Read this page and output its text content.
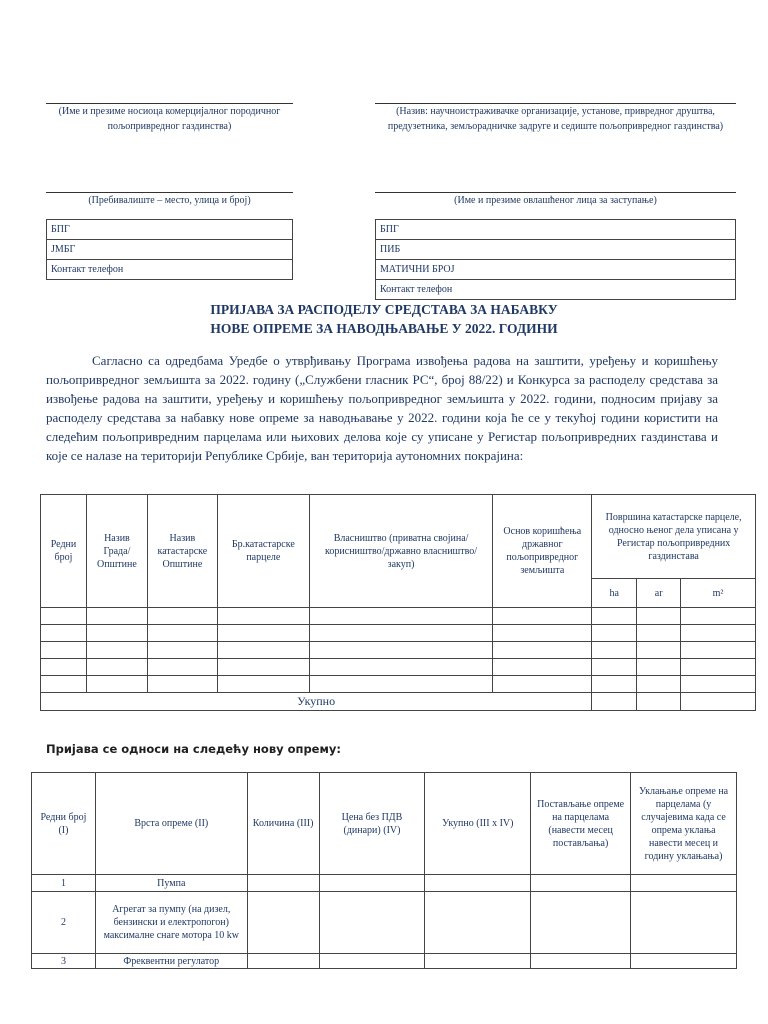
(Име и презиме носиоца комерцијалног породичног пољопривредног газдинства)
(Назив: научноистраживачке организације, установе, привредног друштва, предузетника, земљорадничке задруге и седиште пољопривредног газдинства)
(Пребивалиште – место, улица и број)	(Име и презиме овлашћеног лица за заступање)
БПГ
ЈМБГ
Контакт телефон
БПГ
ПИБ
МАТИЧНИ БРОЈ
Контакт телефон
ПРИЈАВА ЗА РАСПОДЕЛУ СРЕДСТАВА ЗА НАБАВКУ
НОВЕ ОПРЕМЕ ЗА НАВОДЊАВАЊЕ У 2022. ГОДИНИ
Сагласно са одредбама Уредбе о утврђивању Програма извођења радова на заштити, уређењу и коришћењу пољопривредног земљишта за 2022. годину („Службени гласник РС“, број 88/22) и Конкурса за расподелу средстава за извођење радова на заштити, уређењу и коришћењу пољопривредног земљишта у 2022. години, подносим пријаву за расподелу средстава за набавку нове опреме за наводњавање у 2022. години која ће се у текућој години користити на следећим пољопривредним парцелама или њихових делова које су уписане у Регистар пољопривредних газдинстава и које се налазе на територији Републике Србије, ван територија аутономних покрајина:
Редни број	Назив Града/ Општине	Назив катастарске Општине	Бр.катастарске парцеле	Власништво (приватна својина/корисништво/државно власништво/закуп)	Основ коришћења државног пољопривредног земљишта	Површина катастарске парцеле, односно њеног дела уписана у Регистар пољопривредних газдинстава		
						ha	ar	m²

Укупно								
Пријава се односи на следећу нову опрему:
Редни број (I)	Врста опреме (II)	Количина (III)	Цена без ПДВ (динари) (IV)	Укупно (III x IV)	Постављање опреме на парцелама (навести месец постављања)	Уклањање опреме на парцелама (у случајевима када се опрема уклања навести месец и годину уклањања)
1	Пумпа					
2	Агрегат за пумпу (на дизел, бензински и електропогон) максималне снаге мотора 10 kw					
3	Фреквентни регулатор					
